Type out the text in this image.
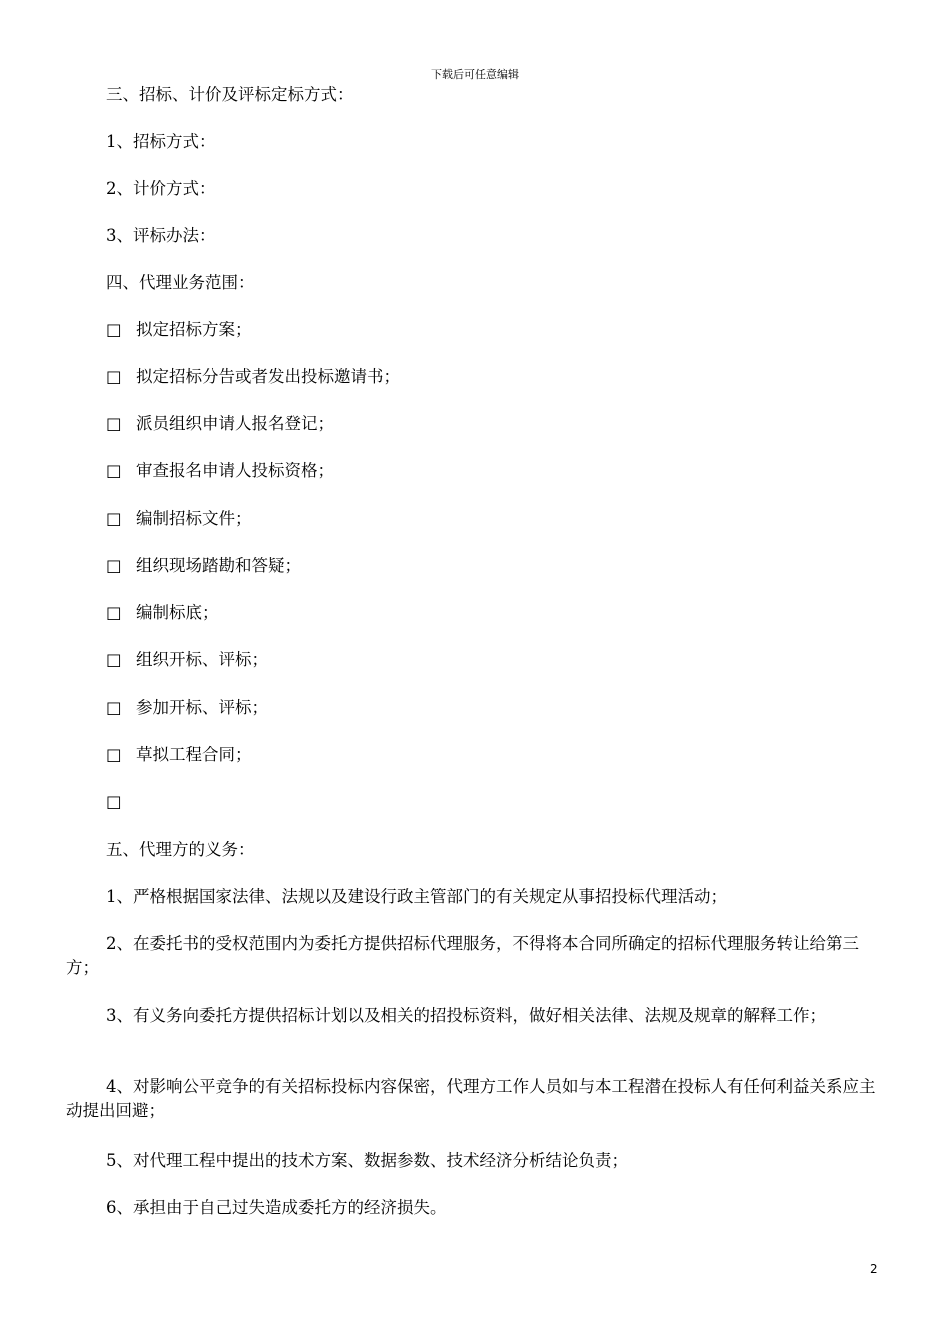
下载后可任意编辑
三、招标、计价及评标定标方式：
1、招标方式：
2、计价方式：
3、评标办法：
四、代理业务范围：
□ 拟定招标方案；
□ 拟定招标分告或者发出投标邀请书；
□ 派员组织申请人报名登记；
□ 审查报名申请人投标资格；
□ 编制招标文件；
□ 组织现场踏勘和答疑；
□ 编制标底；
□ 组织开标、评标；
□ 参加开标、评标；
□ 草拟工程合同；
□
五、代理方的义务：
1、严格根据国家法律、法规以及建设行政主管部门的有关规定从事招投标代理活动；
2、在委托书的受权范围内为委托方提供招标代理服务，不得将本合同所确定的招标代理服务转让给第三方；
3、有义务向委托方提供招标计划以及相关的招投标资料，做好相关法律、法规及规章的解释工作；
4、对影响公平竞争的有关招标投标内容保密，代理方工作人员如与本工程潜在投标人有任何利益关系应主动提出回避；
5、对代理工程中提出的技术方案、数据参数、技术经济分析结论负责；
6、承担由于自己过失造成委托方的经济损失。
2
